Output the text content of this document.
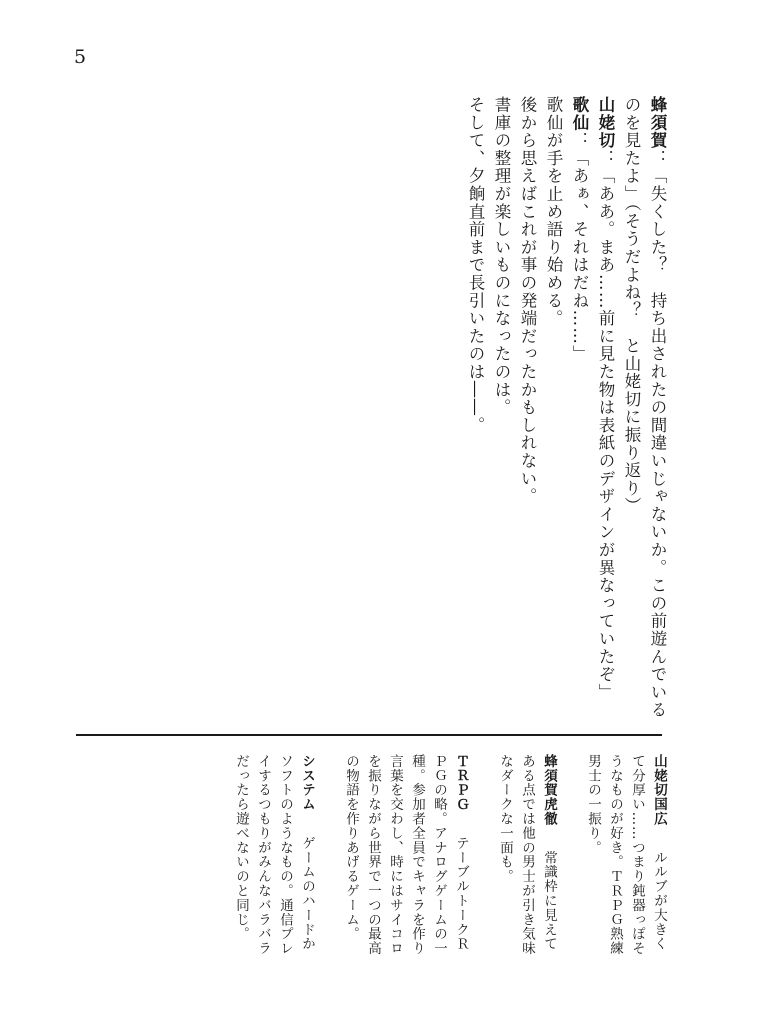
5

蜂須賀：「失くした？　持ち出されたの間違いじゃないか。この前遊んでいるのを見たよ」（そうだよね？　と山姥切に振り返り）

山姥切：「ああ。まあ……前に見た物は表紙のデザインが異なっていたぞ」

歌仙：「あぁ、それはだね……」

歌仙が手を止め語り始める。

後から思えばこれが事の発端だったかもしれない。

書庫の整理が楽しいものになったのは。

そして、夕餉直前まで長引いたのは――。

山姥切国広　ルルブが大きくて分厚い……つまり鈍器っぽそうなものが好き。ＴＲＰＧ熟練男士の一振り。

蜂須賀虎徹　常識枠に見えてある点では他の男士が引き気味なダークな一面も。

ＴＲＰＧ　テーブルトークＲＰＧの略。アナログゲームの一種。参加者全員でキャラを作り言葉を交わし、時にはサイコロを振りながら世界で一つの最高の物語を作りあげるゲーム。

システム　ゲームのハードかソフトのようなもの。通信プレイするつもりがみんなバラバラだったら遊べないのと同じ。
